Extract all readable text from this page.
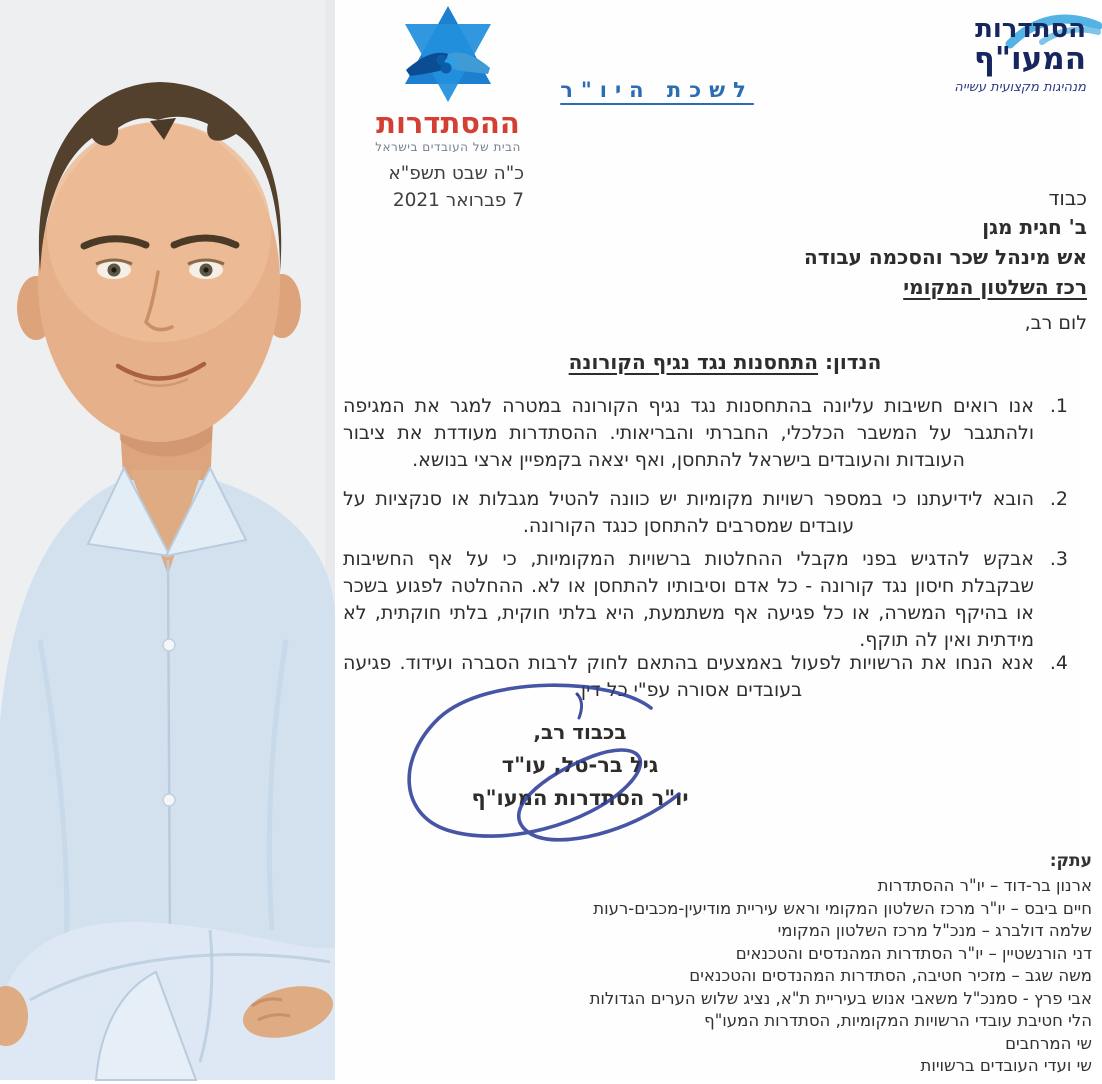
ההסתדרות
הבית של העובדים בישראל
לשכת היו"ר
הסתדרות
המעו"ף
מנהיגות מקצועית עשייה
כ"ה שבט תשפ"א
7 פברואר 2021	כבוד
ב' חגית מגן
אש מינהל שכר והסכמה עבודה
רכז השלטון המקומי
לום רב,
הנדון: התחסנות נגד נגיף הקורונה
1.
אנו רואים חשיבות עליונה בהתחסנות נגד נגיף הקורונה במטרה למגר את המגיפה ולהתגבר על המשבר הכלכלי, החברתי והבריאותי. ההסתדרות מעודדת את ציבור העובדות והעובדים בישראל להתחסן, ואף יצאה בקמפיין ארצי בנושא.
2.
הובא לידיעתנו כי במספר רשויות מקומיות יש כוונה להטיל מגבלות או סנקציות על עובדים שמסרבים להתחסן כנגד הקורונה.
3.
אבקש להדגיש בפני מקבלי ההחלטות ברשויות המקומיות, כי על אף החשיבות שבקבלת חיסון נגד קורונה - כל אדם וסיבותיו להתחסן או לא. ההחלטה לפגוע בשכר או בהיקף המשרה, או כל פגיעה אף משתמעת, היא בלתי חוקית, בלתי חוקתית, לא מידתית ואין לה תוקף.
4.
אנא הנחו את הרשויות לפעול באמצעים בהתאם לחוק לרבות הסברה ועידוד. פגיעה בעובדים אסורה עפ"י כל דין.
בכבוד רב,
גיל בר-טל, עו"ד
יו"ר הסתדרות המעו"ף
עתק:
ארנון בר-דוד – יו"ר ההסתדרות
חיים ביבס – יו"ר מרכז השלטון המקומי וראש עיריית מודיעין-מכבים-רעות
שלמה דולברג – מנכ"ל מרכז השלטון המקומי
דני הורנשטיין – יו"ר הסתדרות המהנדסים והטכנאים
משה שגב – מזכיר חטיבה, הסתדרות המהנדסים והטכנאים
אבי פרץ - סמנכ"ל משאבי אנוש בעיריית ת"א, נציג שלוש הערים הגדולות
הלי חטיבת עובדי הרשויות המקומיות, הסתדרות המעו"ף
שי המרחבים
שי ועדי העובדים ברשויות
